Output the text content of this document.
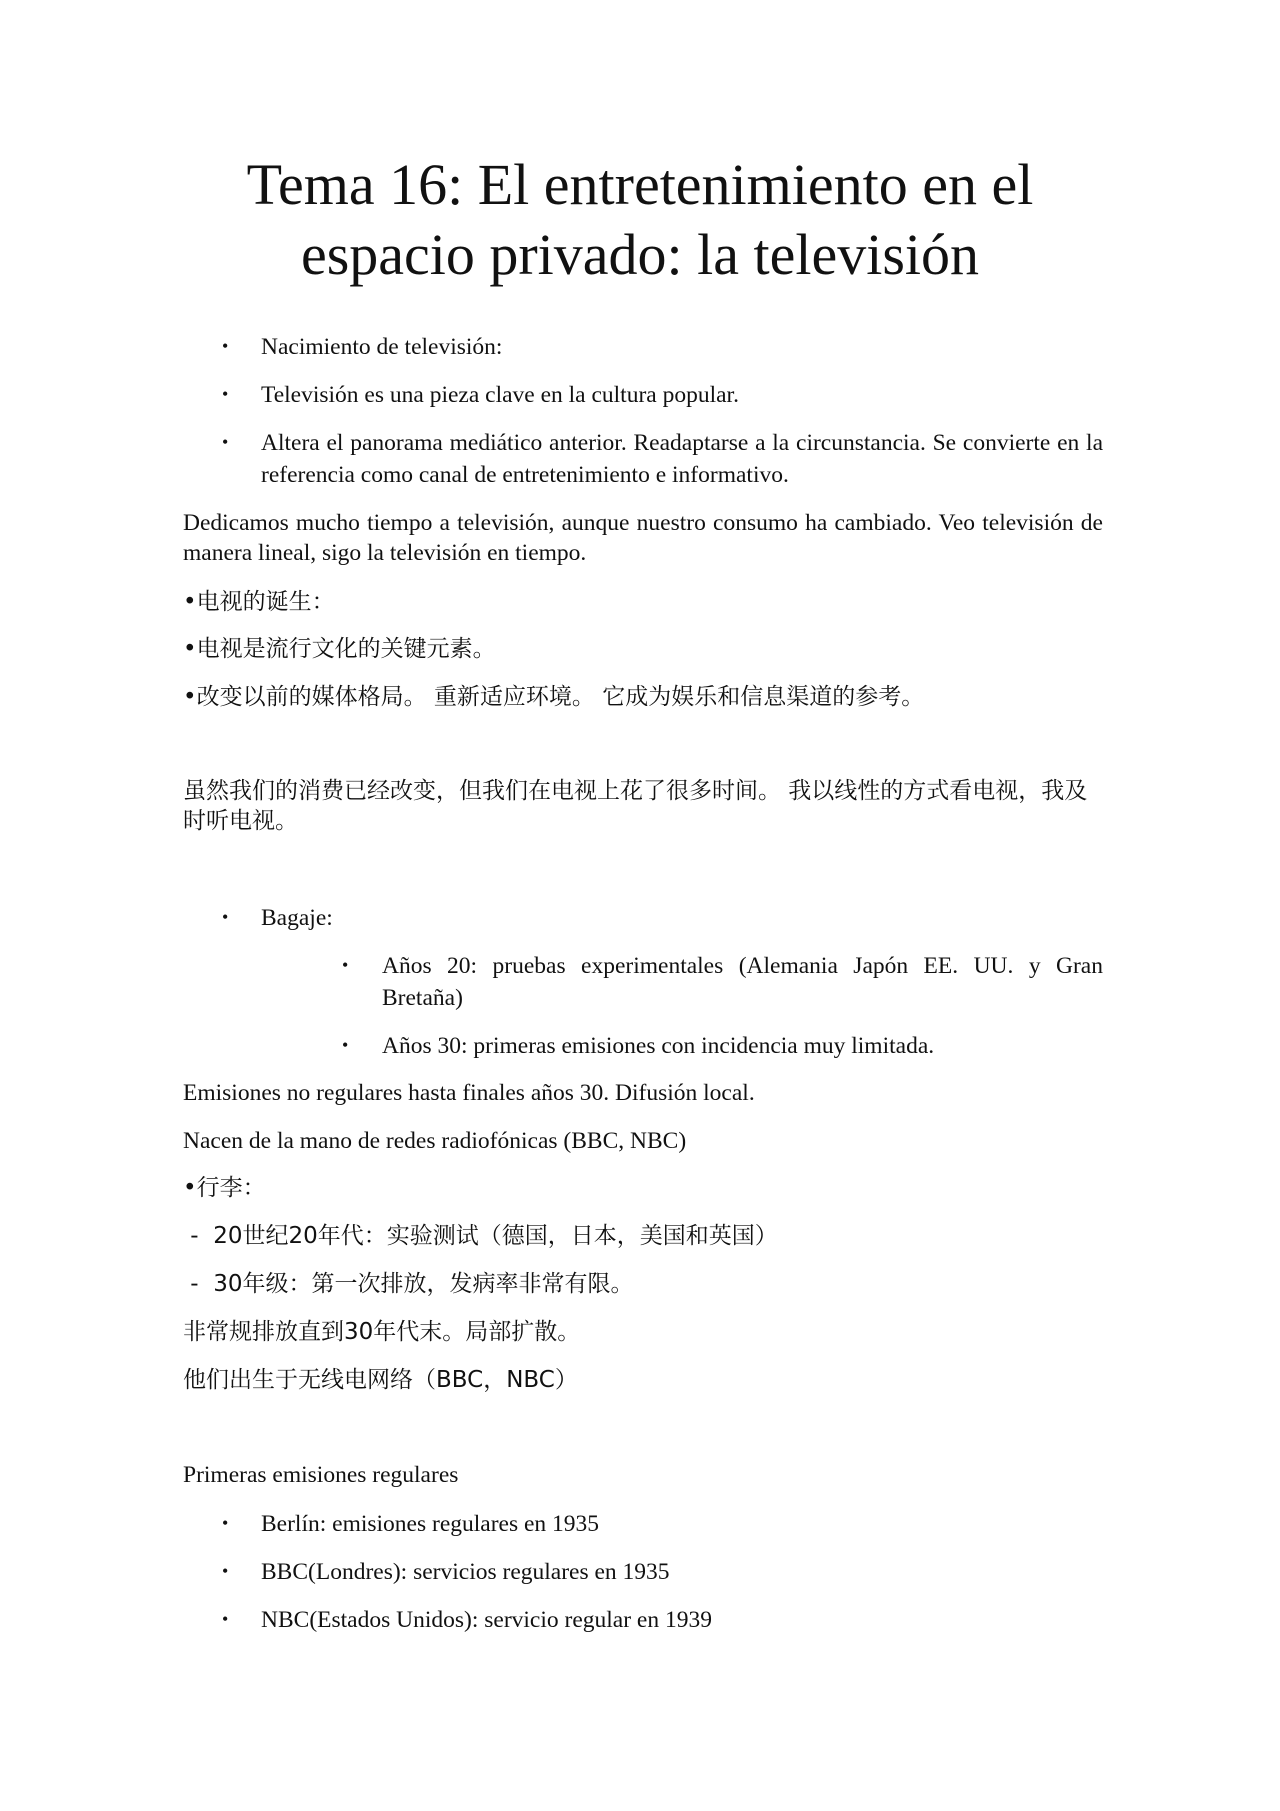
Tema 16: El entretenimiento en el
espacio privado: la televisión
• Nacimiento de televisión:

• Televisión es una pieza clave en la cultura popular.

• Altera el panorama mediático anterior. Readaptarse a la circunstancia. Se convierte en la referencia como canal de entretenimiento e informativo.

Dedicamos mucho tiempo a televisión, aunque nuestro consumo ha cambiado. Veo televisión de manera lineal, sigo la televisión en tiempo.

•电视的诞生：

•电视是流行文化的关键元素。

•改变以前的媒体格局。 重新适应环境。 它成为娱乐和信息渠道的参考。

虽然我们的消费已经改变，但我们在电视上花了很多时间。 我以线性的方式看电视，我及时听电视。

• Bagaje:

• Años 20: pruebas experimentales (Alemania Japón EE. UU. y Gran Bretaña)

• Años 30: primeras emisiones con incidencia muy limitada.

Emisiones no regulares hasta finales años 30. Difusión local.

Nacen de la mano de redes radiofónicas (BBC, NBC)

•行李：

-  20世纪20年代：实验测试（德国，日本，美国和英国）

-  30年级：第一次排放，发病率非常有限。

非常规排放直到30年代末。局部扩散。

他们出生于无线电网络（BBC，NBC）

Primeras emisiones regulares

• Berlín: emisiones regulares en 1935

• BBC(Londres): servicios regulares en 1935

• NBC(Estados Unidos): servicio regular en 1939
